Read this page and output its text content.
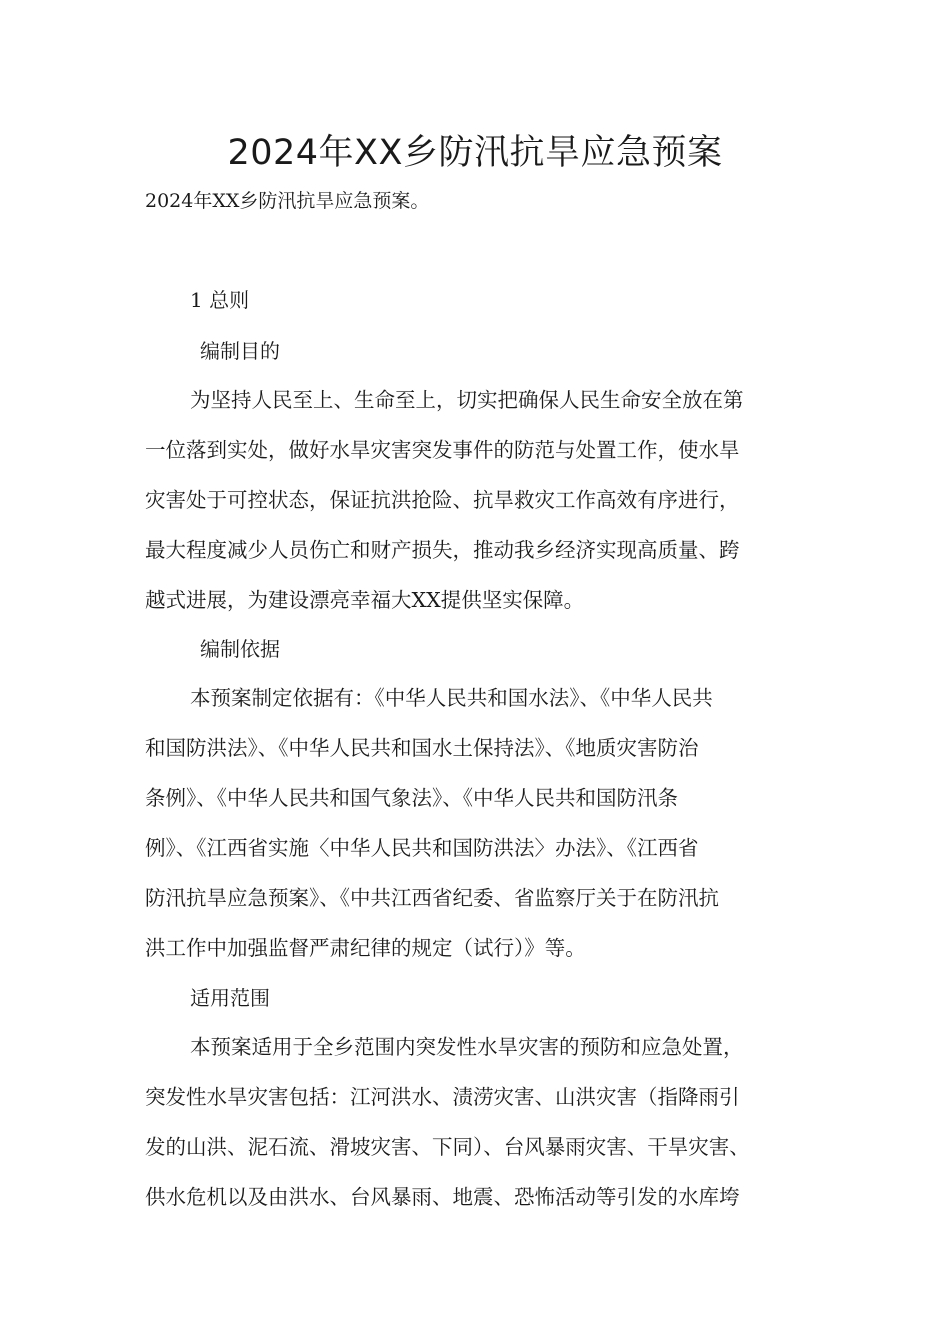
2024年XX乡防汛抗旱应急预案

2024年XX乡防汛抗旱应急预案。

1 总则

编制目的

为坚持人民至上、生命至上，切实把确保人民生命安全放在第
一位落到实处，做好水旱灾害突发事件的防范与处置工作，使水旱
灾害处于可控状态，保证抗洪抢险、抗旱救灾工作高效有序进行，
最大程度减少人员伤亡和财产损失，推动我乡经济实现高质量、跨
越式进展，为建设漂亮幸福大XX提供坚实保障。

编制依据

本预案制定依据有：《中华人民共和国水法》、《中华人民共
和国防洪法》、《中华人民共和国水土保持法》、《地质灾害防治
条例》、《中华人民共和国气象法》、《中华人民共和国防汛条
例》、《江西省实施〈中华人民共和国防洪法〉办法》、《江西省
防汛抗旱应急预案》、《中共江西省纪委、省监察厅关于在防汛抗
洪工作中加强监督严肃纪律的规定（试行）》等。

适用范围

本预案适用于全乡范围内突发性水旱灾害的预防和应急处置，
突发性水旱灾害包括：江河洪水、渍涝灾害、山洪灾害（指降雨引
发的山洪、泥石流、滑坡灾害、下同）、台风暴雨灾害、干旱灾害、
供水危机以及由洪水、台风暴雨、地震、恐怖活动等引发的水库垮
